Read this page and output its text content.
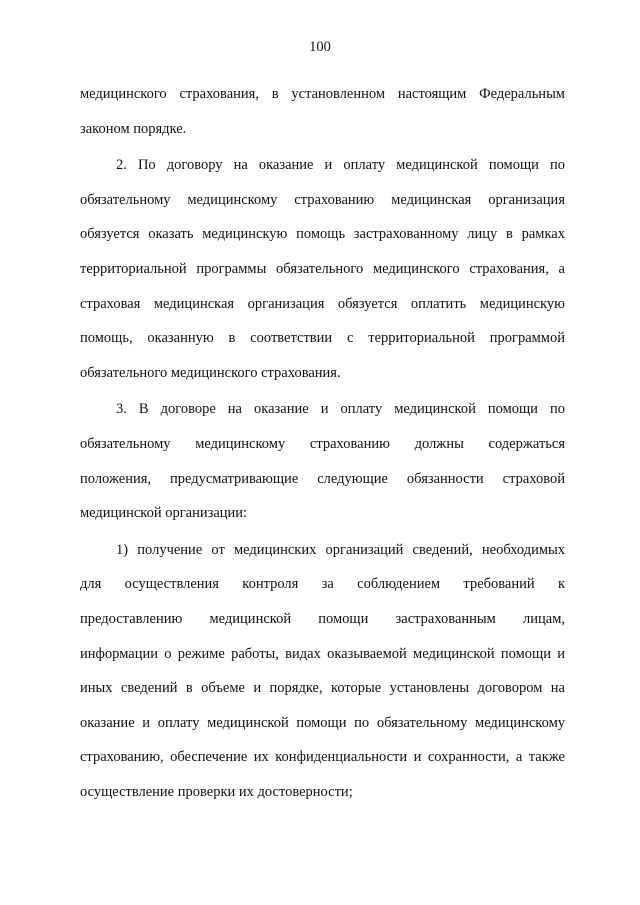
100
медицинского страхования, в установленном настоящим Федеральным
законом порядке.
2. По договору на оказание и оплату медицинской помощи по
обязательному медицинскому страхованию медицинская организация
обязуется оказать медицинскую помощь застрахованному лицу в рамках
территориальной программы обязательного медицинского страхования, а
страховая медицинская организация обязуется оплатить медицинскую
помощь, оказанную в соответствии с территориальной программой
обязательного медицинского страхования.
3. В договоре на оказание и оплату медицинской помощи по
обязательному медицинскому страхованию должны содержаться
положения, предусматривающие следующие обязанности страховой
медицинской организации:
1) получение от медицинских организаций сведений, необходимых
для осуществления контроля за соблюдением требований к
предоставлению медицинской помощи застрахованным лицам,
информации о режиме работы, видах оказываемой медицинской помощи и
иных сведений в объеме и порядке, которые установлены договором на
оказание и оплату медицинской помощи по обязательному медицинскому
страхованию, обеспечение их конфиденциальности и сохранности, а также
осуществление проверки их достоверности;
